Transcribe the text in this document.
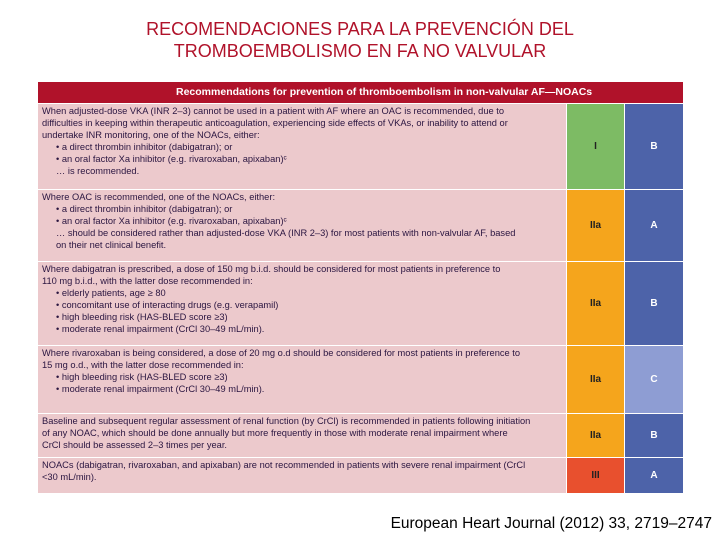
RECOMENDACIONES PARA LA PREVENCIÓN DEL
TROMBOEMBOLISMO EN FA NO VALVULAR
Recommendations for prevention of thromboembolism in non-valvular AF—NOACs
When adjusted-dose VKA (INR 2–3) cannot be used in a patient with AF where an OAC is recommended, due to
difficulties in keeping within therapeutic anticoagulation, experiencing side effects of VKAs, or inability to attend or
undertake INR monitoring, one of the NOACs, either:
• a direct thrombin inhibitor (dabigatran); or
• an oral factor Xa inhibitor (e.g. rivaroxaban, apixaban)ᶜ
… is recommended.
I	B
Where OAC is recommended, one of the NOACs, either:
• a direct thrombin inhibitor (dabigatran); or
• an oral factor Xa inhibitor (e.g. rivaroxaban, apixaban)ᶜ
… should be considered rather than adjusted-dose VKA (INR 2–3) for most patients with non-valvular AF, based
on their net clinical benefit.
IIa	A
Where dabigatran is prescribed, a dose of 150 mg b.i.d. should be considered for most patients in preference to
110 mg b.i.d., with the latter dose recommended in:
• elderly patients, age ≥ 80
• concomitant use of interacting drugs (e.g. verapamil)
• high bleeding risk (HAS-BLED score ≥3)
• moderate renal impairment (CrCl 30–49 mL/min).
IIa	B
Where rivaroxaban is being considered, a dose of 20 mg o.d should be considered for most patients in preference to
15 mg o.d., with the latter dose recommended in:
• high bleeding risk (HAS-BLED score ≥3)
• moderate renal impairment (CrCl 30–49 mL/min).
IIa	C
Baseline and subsequent regular assessment of renal function (by CrCl) is recommended in patients following initiation
of any NOAC, which should be done annually but more frequently in those with moderate renal impairment where
CrCl should be assessed 2–3 times per year.
IIa	B
NOACs (dabigatran, rivaroxaban, and apixaban) are not recommended in patients with severe renal impairment (CrCl
<30 mL/min).	III	A
European Heart Journal (2012) 33, 2719–2747
